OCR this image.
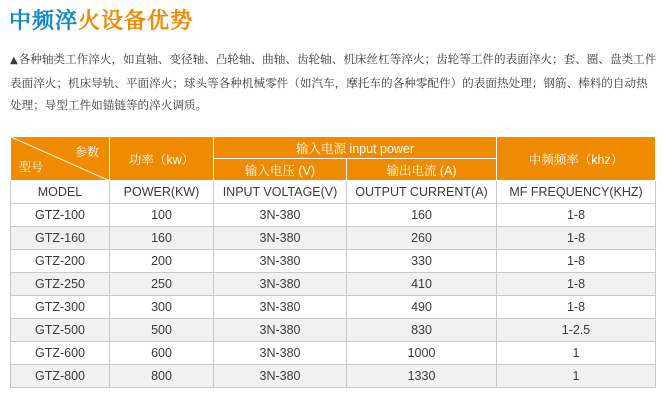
中频淬火设备优势

▲各种轴类工作淬火，如直轴、变径轴、凸轮轴、曲轴、齿轮轴、机床丝杠等淬火；齿轮等工件的表面淬火；套、圈、盘类工件表面淬火；机床导轨、平面淬火；球头等各种机械零件（如汽车，摩托车的各种零配件）的表面热处理；钢筋、棒料的自动热处理；导型工件如锚链等的淬火调质。

参数
型号	功率（kw）	输入电源 input power		中频频率（khz）
		输入电压 (V)	输出电流 (A)	
MODEL	POWER(KW)	INPUT VOLTAGE(V)	OUTPUT CURRENT(A)	MF FREQUENCY(KHZ)
GTZ-100	100	3N-380	160	1-8
GTZ-160	160	3N-380	260	1-8
GTZ-200	200	3N-380	330	1-8
GTZ-250	250	3N-380	410	1-8
GTZ-300	300	3N-380	490	1-8
GTZ-500	500	3N-380	830	1-2.5
GTZ-600	600	3N-380	1000	1
GTZ-800	800	3N-380	1330	1
